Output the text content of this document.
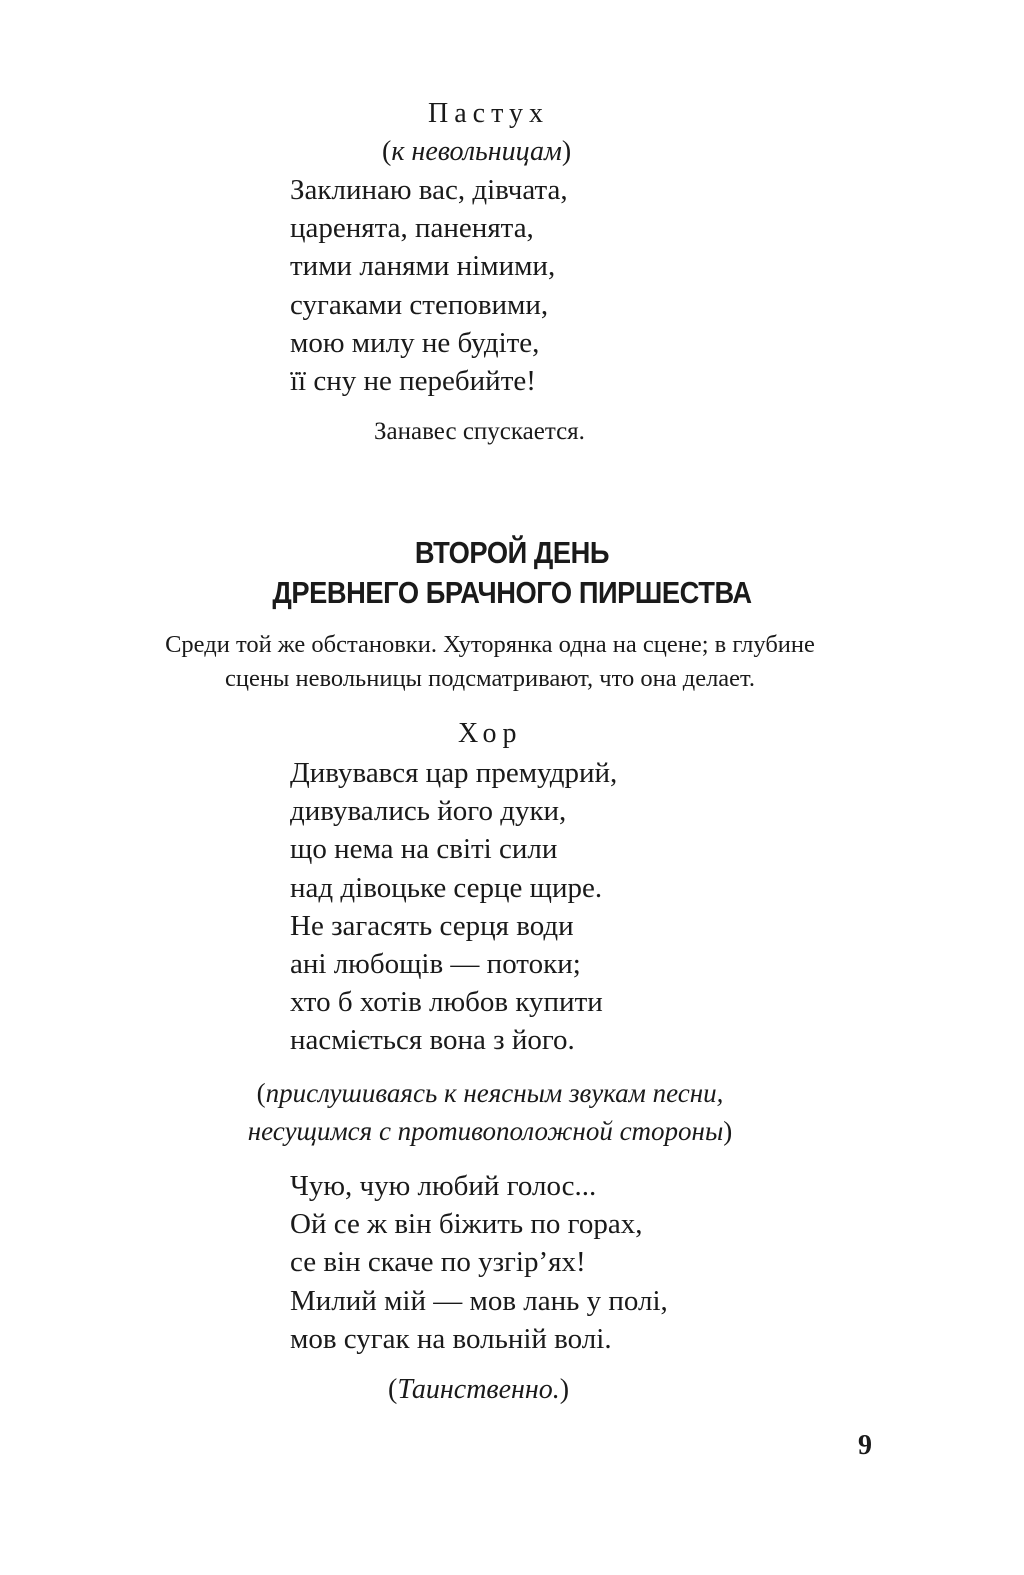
Пастух
(к невольницам)
Заклинаю вас, дівчата,
царенята, паненята,
тими ланями німими,
сугаками степовими,
мою милу не будіте,
її сну не перебийте!
Занавес спускается.
ВТОРОЙ ДЕНЬ
ДРЕВНЕГО БРАЧНОГО ПИРШЕСТВА
Среди той же обстановки. Хуторянка одна на сцене; в глубине
сцены невольницы подсматривают, что она делает.
Хор
Дивувався цар премудрий,
дивувались його дуки,
що нема на світі сили
над дівоцьке серце щире.
Не загасять серця води
ані любощів — потоки;
хто б хотів любов купити
насміється вона з його.
(прислушиваясь к неясным звукам песни,
несущимся с противоположной стороны)
Чую, чую любий голос...
Ой се ж він біжить по горах,
се він скаче по узгір’ях!
Милий мій — мов лань у полі,
мов сугак на вольній волі.
(Таинственно.)
9
